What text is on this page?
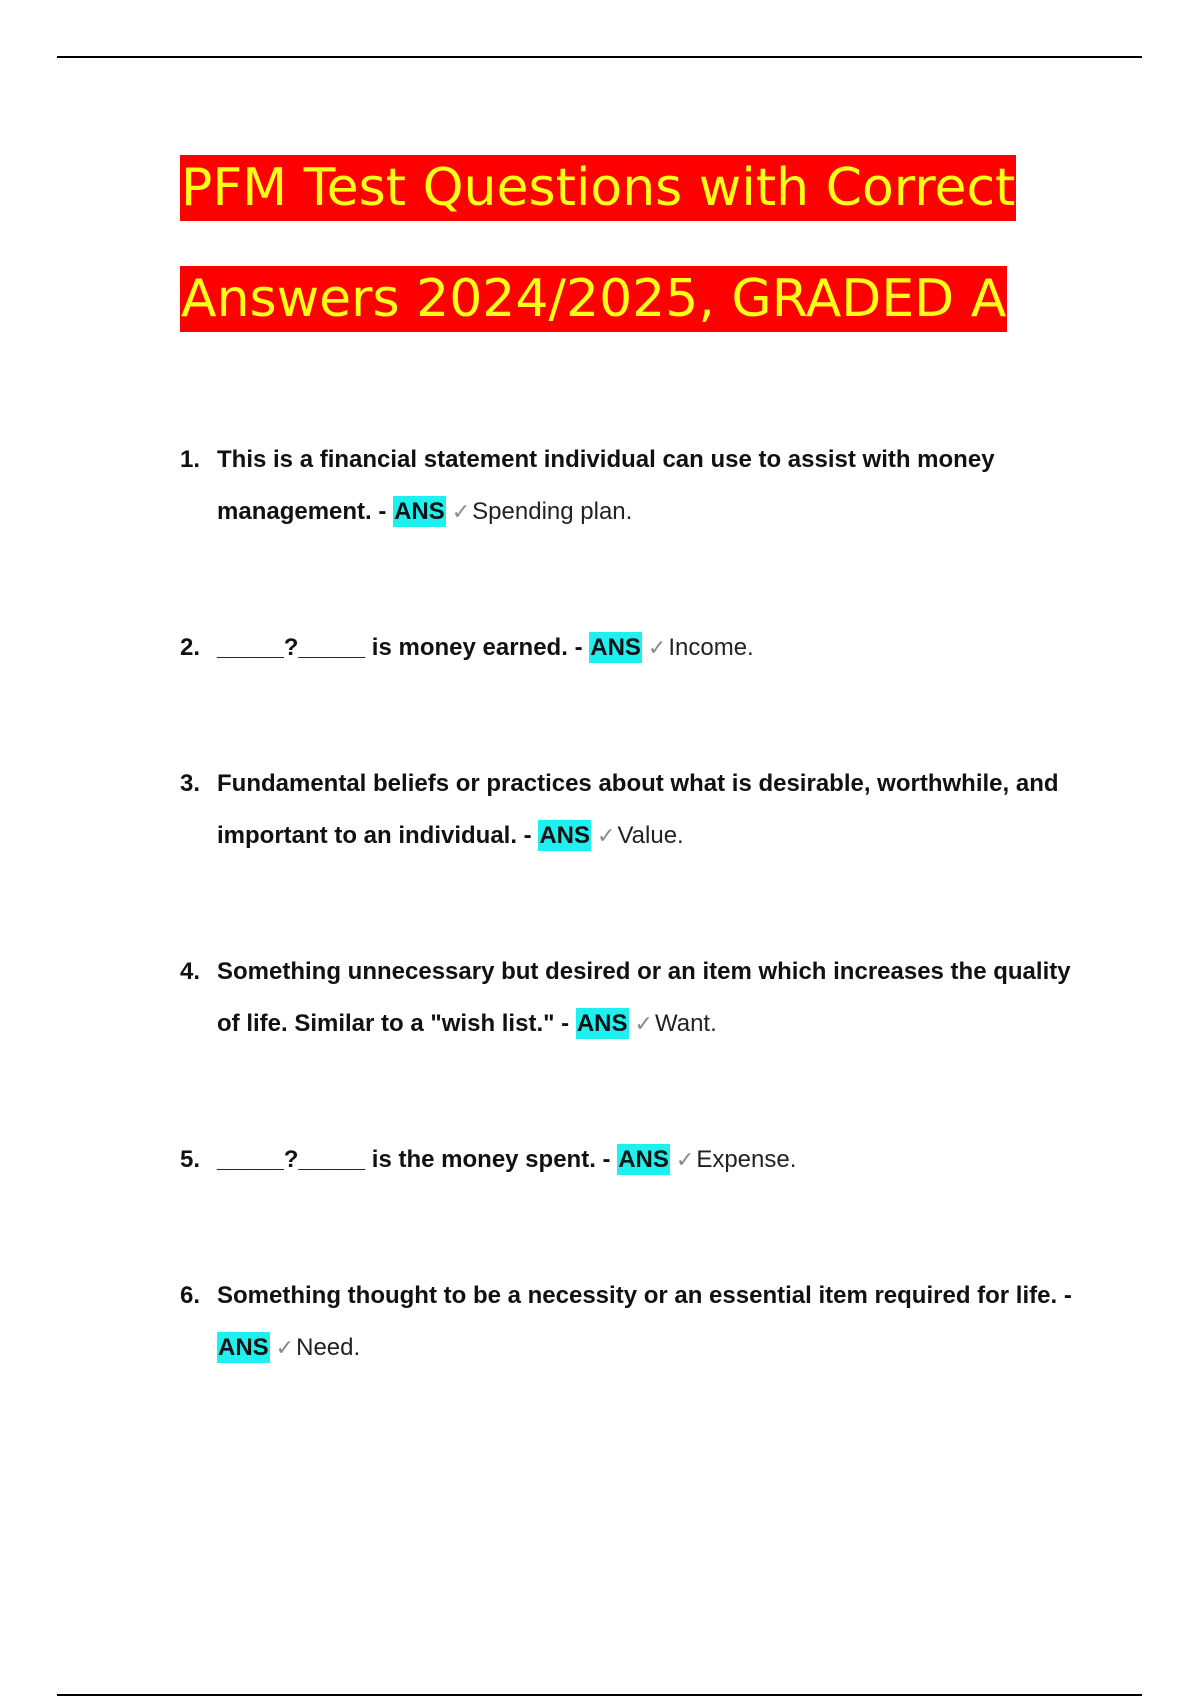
PFM Test Questions with Correct
Answers 2024/2025, GRADED A
1. This is a financial statement individual can use to assist with money management. - ANS ✓Spending plan.
2. _____?_____ is money earned. - ANS ✓Income.
3. Fundamental beliefs or practices about what is desirable, worthwhile, and important to an individual. - ANS ✓Value.
4. Something unnecessary but desired or an item which increases the quality of life. Similar to a "wish list." - ANS ✓Want.
5. _____?_____ is the money spent. - ANS ✓Expense.
6. Something thought to be a necessity or an essential item required for life. - ANS ✓Need.
